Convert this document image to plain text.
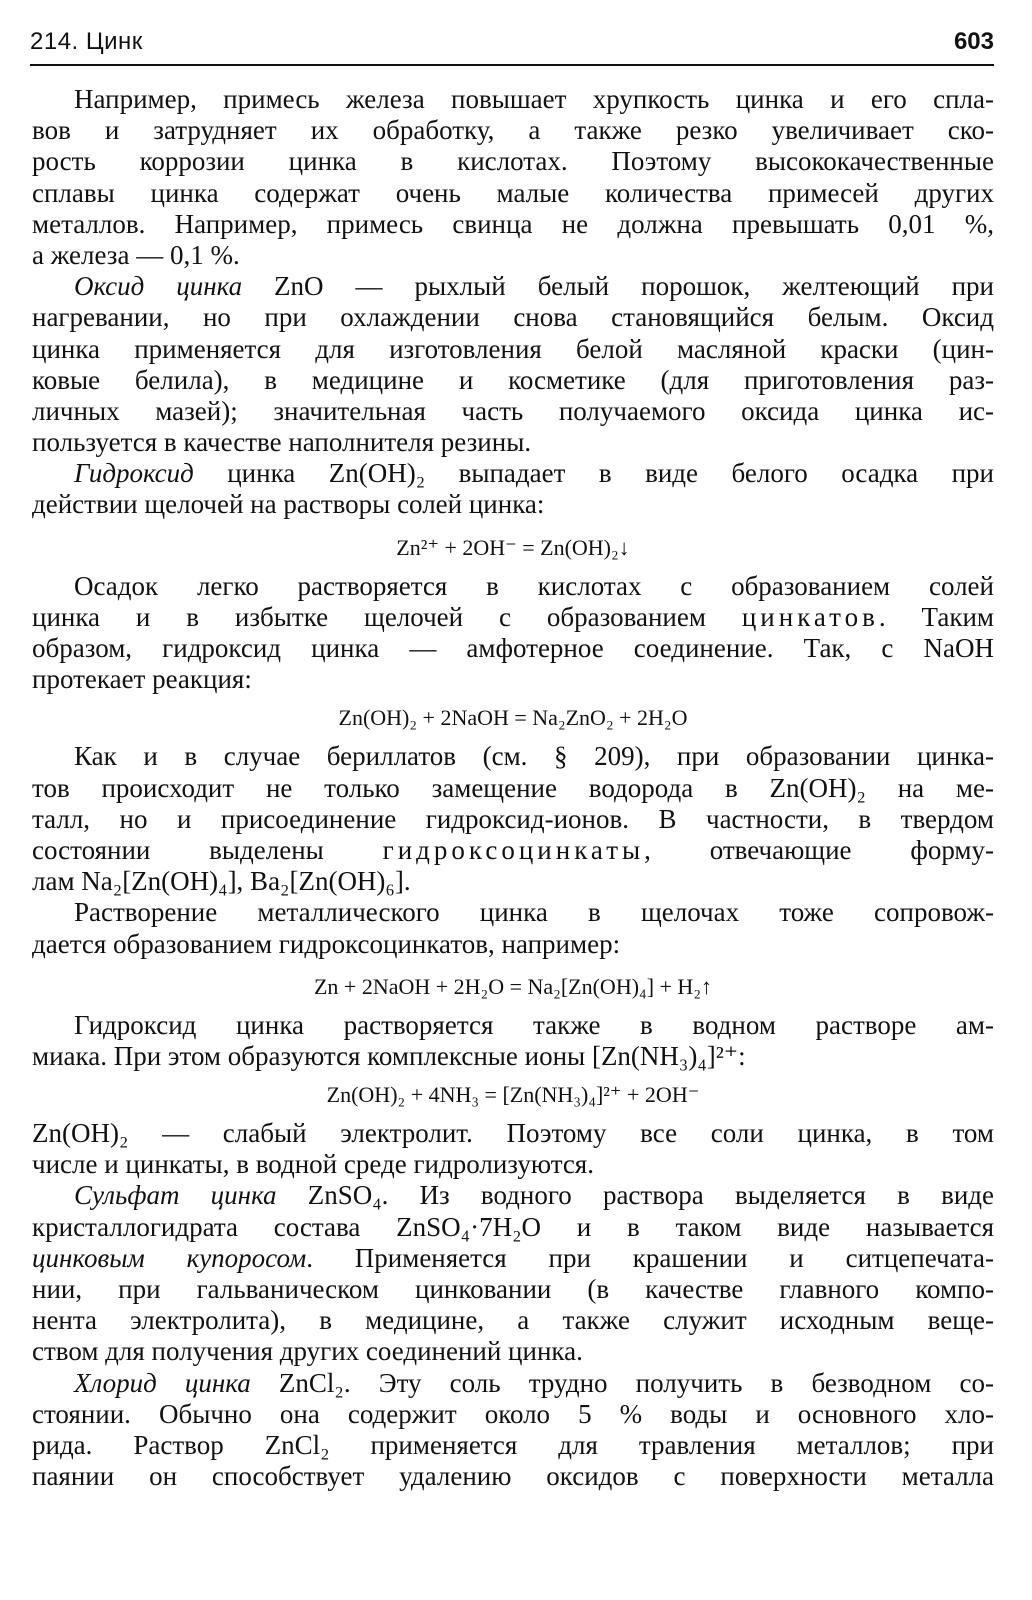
214. Цинк	603
Например, примесь железа повышает хрупкость цинка и его спла-
вов и затрудняет их обработку, а также резко увеличивает ско-
рость коррозии цинка в кислотах. Поэтому высококачественные
сплавы цинка содержат очень малые количества примесей других
металлов. Например, примесь свинца не должна превышать 0,01 %,
а железа — 0,1 %.
Оксид цинка ZnO — рыхлый белый порошок, желтеющий при
нагревании, но при охлаждении снова становящийся белым. Оксид
цинка применяется для изготовления белой масляной краски (цин-
ковые белила), в медицине и косметике (для приготовления раз-
личных мазей); значительная часть получаемого оксида цинка ис-
пользуется в качестве наполнителя резины.
Гидроксид цинка Zn(OH)₂ выпадает в виде белого осадка при
действии щелочей на растворы солей цинка:
Zn²⁺ + 2OH⁻ = Zn(OH)₂↓
Осадок легко растворяется в кислотах с образованием солей
цинка и в избытке щелочей с образованием цинкатов. Таким
образом, гидроксид цинка — амфотерное соединение. Так, с NaOH
протекает реакция:
Zn(OH)₂ + 2NaOH = Na₂ZnO₂ + 2H₂O
Как и в случае бериллатов (см. § 209), при образовании цинка-
тов происходит не только замещение водорода в Zn(OH)₂ на ме-
талл, но и присоединение гидроксид-ионов. В частности, в твердом
состоянии выделены гидроксоцинкаты, отвечающие форму-
лам Na₂[Zn(OH)₄], Ba₂[Zn(OH)₆].
Растворение металлического цинка в щелочах тоже сопровож-
дается образованием гидроксоцинкатов, например:
Zn + 2NaOH + 2H₂O = Na₂[Zn(OH)₄] + H₂↑
Гидроксид цинка растворяется также в водном растворе ам-
миака. При этом образуются комплексные ионы [Zn(NH₃)₄]²⁺:
Zn(OH)₂ + 4NH₃ = [Zn(NH₃)₄]²⁺ + 2OH⁻
Zn(OH)₂ — слабый электролит. Поэтому все соли цинка, в том
числе и цинкаты, в водной среде гидролизуются.
Сульфат цинка ZnSO₄. Из водного раствора выделяется в виде
кристаллогидрата состава ZnSO₄·7H₂O и в таком виде называется
цинковым купоросом. Применяется при крашении и ситцепечата-
нии, при гальваническом цинковании (в качестве главного компо-
нента электролита), в медицине, а также служит исходным веще-
ством для получения других соединений цинка.
Хлорид цинка ZnCl₂. Эту соль трудно получить в безводном со-
стоянии. Обычно она содержит около 5 % воды и основного хло-
рида. Раствор ZnCl₂ применяется для травления металлов; при
паянии он способствует удалению оксидов с поверхности металла
